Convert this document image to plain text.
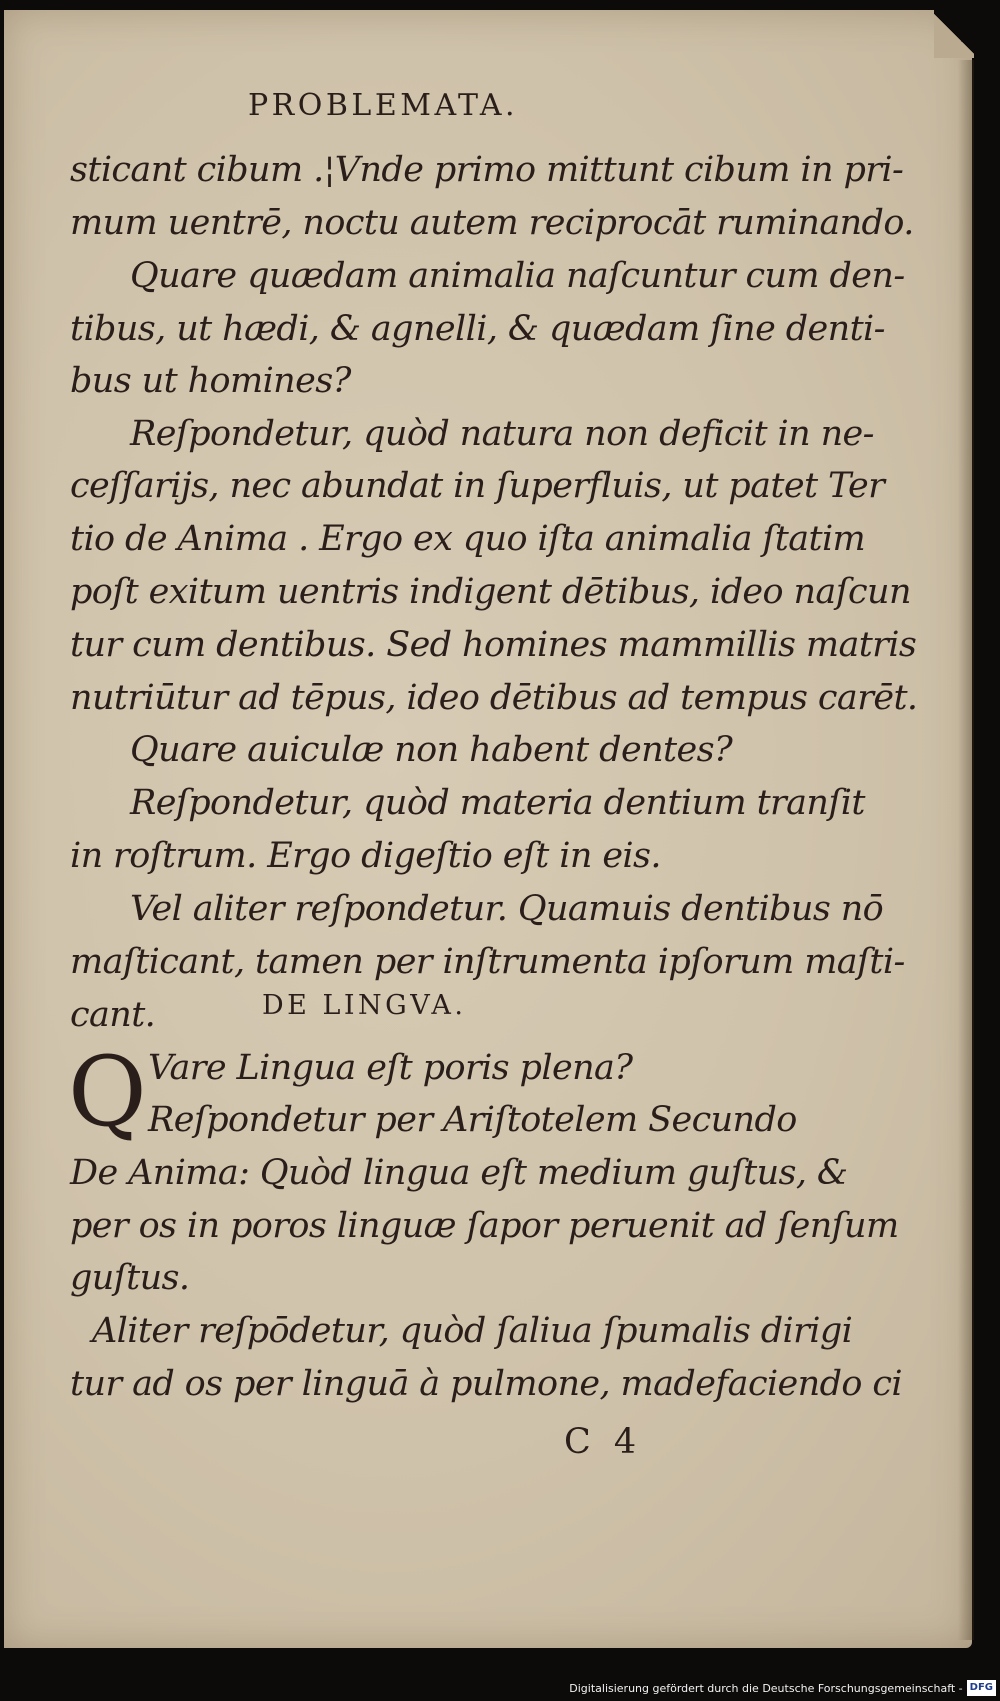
PROBLEMATA.
sticant cibum .¦Vnde primo mittunt cibum in pri-
mum uentrē, noctu autem reciprocāt ruminando.
Quare quædam animalia naſcuntur cum den-
tibus, ut hædi, & agnelli, & quædam ſine denti-
bus ut homines?
Reſpondetur, quòd natura non deficit in ne-
ceſſarijs, nec abundat in ſuperfluis, ut patet Ter
tio de Anima . Ergo ex quo iſta animalia ſtatim
poſt exitum uentris indigent dētibus, ideo naſcun
tur cum dentibus. Sed homines mammillis matris
nutriūtur ad tēpus, ideo dētibus ad tempus carēt.
Quare auiculæ non habent dentes?
Reſpondetur, quòd materia dentium tranſit
in roſtrum. Ergo digeſtio eſt in eis.
Vel aliter reſpondetur. Quamuis dentibus nō
maſticant, tamen per inſtrumenta ipſorum maſti-
cant.	DE LINGVA.
Q Vare Lingua eſt poris plena?
Reſpondetur per Ariſtotelem Secundo
De Anima: Quòd lingua eſt medium guſtus, &
per os in poros linguæ ſapor peruenit ad ſenſum
guſtus.
Aliter reſpōdetur, quòd ſaliua ſpumalis dirigi
tur ad os per linguā à pulmone, madefaciendo ci
C 4
Digitalisierung gefördert durch die Deutsche Forschungsgemeinschaft - DFG
